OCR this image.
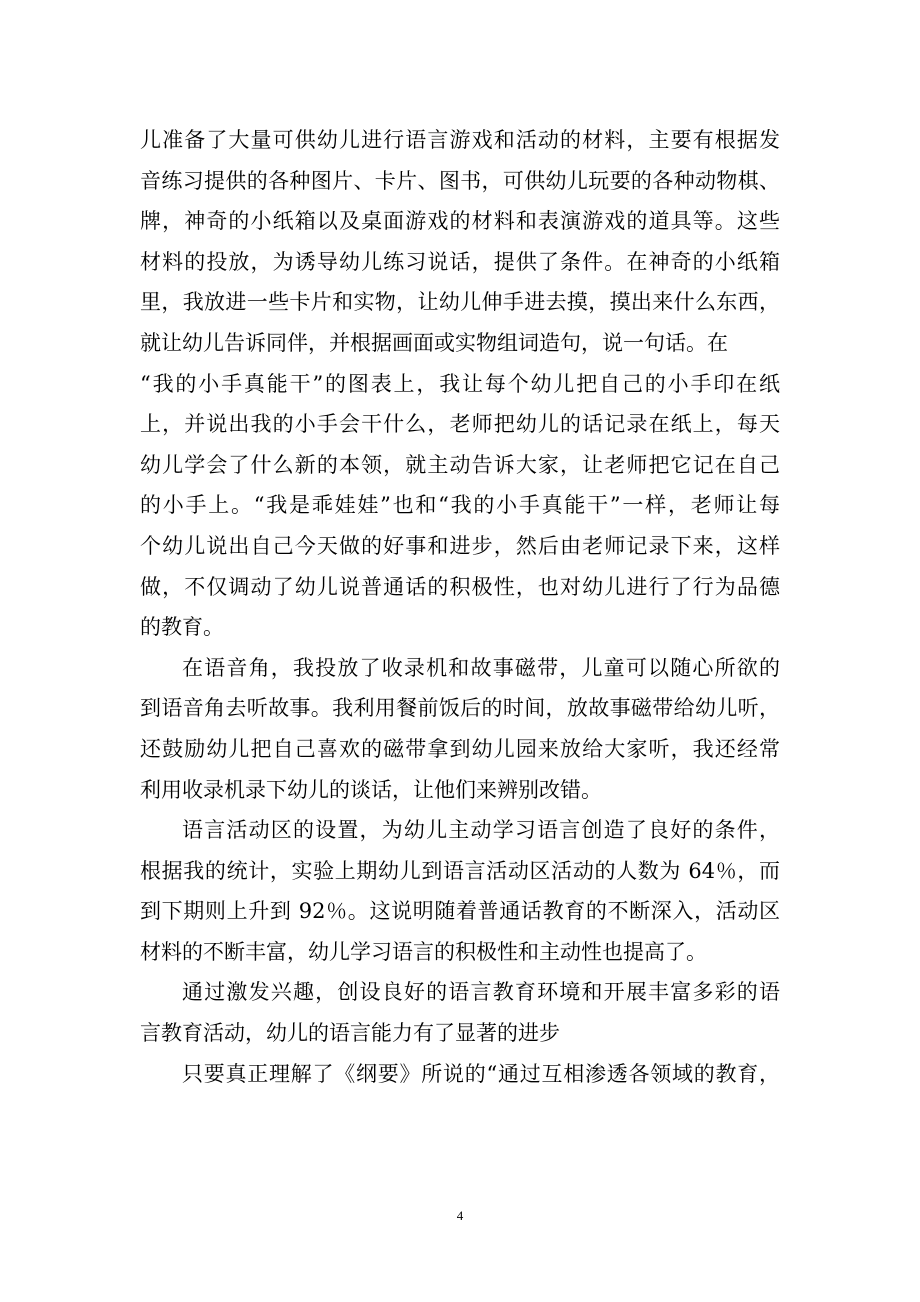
儿准备了大量可供幼儿进行语言游戏和活动的材料，主要有根据发
音练习提供的各种图片、卡片、图书，可供幼儿玩要的各种动物棋、
牌，神奇的小纸箱以及桌面游戏的材料和表演游戏的道具等。这些
材料的投放，为诱导幼儿练习说话，提供了条件。在神奇的小纸箱
里，我放进一些卡片和实物，让幼儿伸手进去摸，摸出来什么东西，
就让幼儿告诉同伴，并根据画面或实物组词造句，说一句话。在
“我的小手真能干”的图表上，我让每个幼儿把自己的小手印在纸
上，并说出我的小手会干什么，老师把幼儿的话记录在纸上，每天
幼儿学会了什么新的本领，就主动告诉大家，让老师把它记在自己
的小手上。“我是乖娃娃”也和“我的小手真能干”一样，老师让每
个幼儿说出自己今天做的好事和进步，然后由老师记录下来，这样
做，不仅调动了幼儿说普通话的积极性，也对幼儿进行了行为品德
的教育。
在语音角，我投放了收录机和故事磁带，儿童可以随心所欲的
到语音角去听故事。我利用餐前饭后的时间，放故事磁带给幼儿听，
还鼓励幼儿把自己喜欢的磁带拿到幼儿园来放给大家听，我还经常
利用收录机录下幼儿的谈话，让他们来辨别改错。
语言活动区的设置，为幼儿主动学习语言创造了良好的条件，
根据我的统计，实验上期幼儿到语言活动区活动的人数为 64％，而
到下期则上升到 92％。这说明随着普通话教育的不断深入，活动区
材料的不断丰富，幼儿学习语言的积极性和主动性也提高了。
通过激发兴趣，创设良好的语言教育环境和开展丰富多彩的语
言教育活动，幼儿的语言能力有了显著的进步
只要真正理解了《纲要》所说的“通过互相渗透各领域的教育，
4
